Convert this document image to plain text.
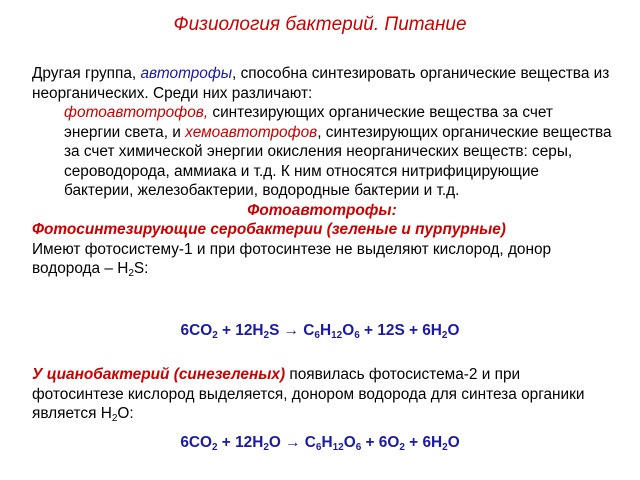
Физиология бактерий. Питание
Другая группа, автотрофы, способна синтезировать органические вещества из неорганических. Среди них различают:
фотоавтотрофов, синтезирующих органические вещества за счет энергии света, и хемоавтотрофов, синтезирующих органические вещества за счет химической энергии окисления неорганических веществ: серы, сероводорода, аммиака и т.д. К ним относятся нитрифицирующие бактерии, железобактерии, водородные бактерии и т.д.
Фотоавтотрофы:
Фотосинтезирующие серобактерии (зеленые и пурпурные)
Имеют фотосистему-1 и при фотосинтезе не выделяют кислород, донор водорода – $H_2S$:
$6CO_2 + 12H_2S \to C_6H_{12}O_6 + 12S + 6H_2O$
У цианобактерий (синезеленых) появилась фотосистема-2 и при фотосинтезе кислород выделяется, донором водорода для синтеза органики является $H_2O$:
$6CO_2 + 12H_2O \to C_6H_{12}O_6 + 6O_2 + 6H_2O$
